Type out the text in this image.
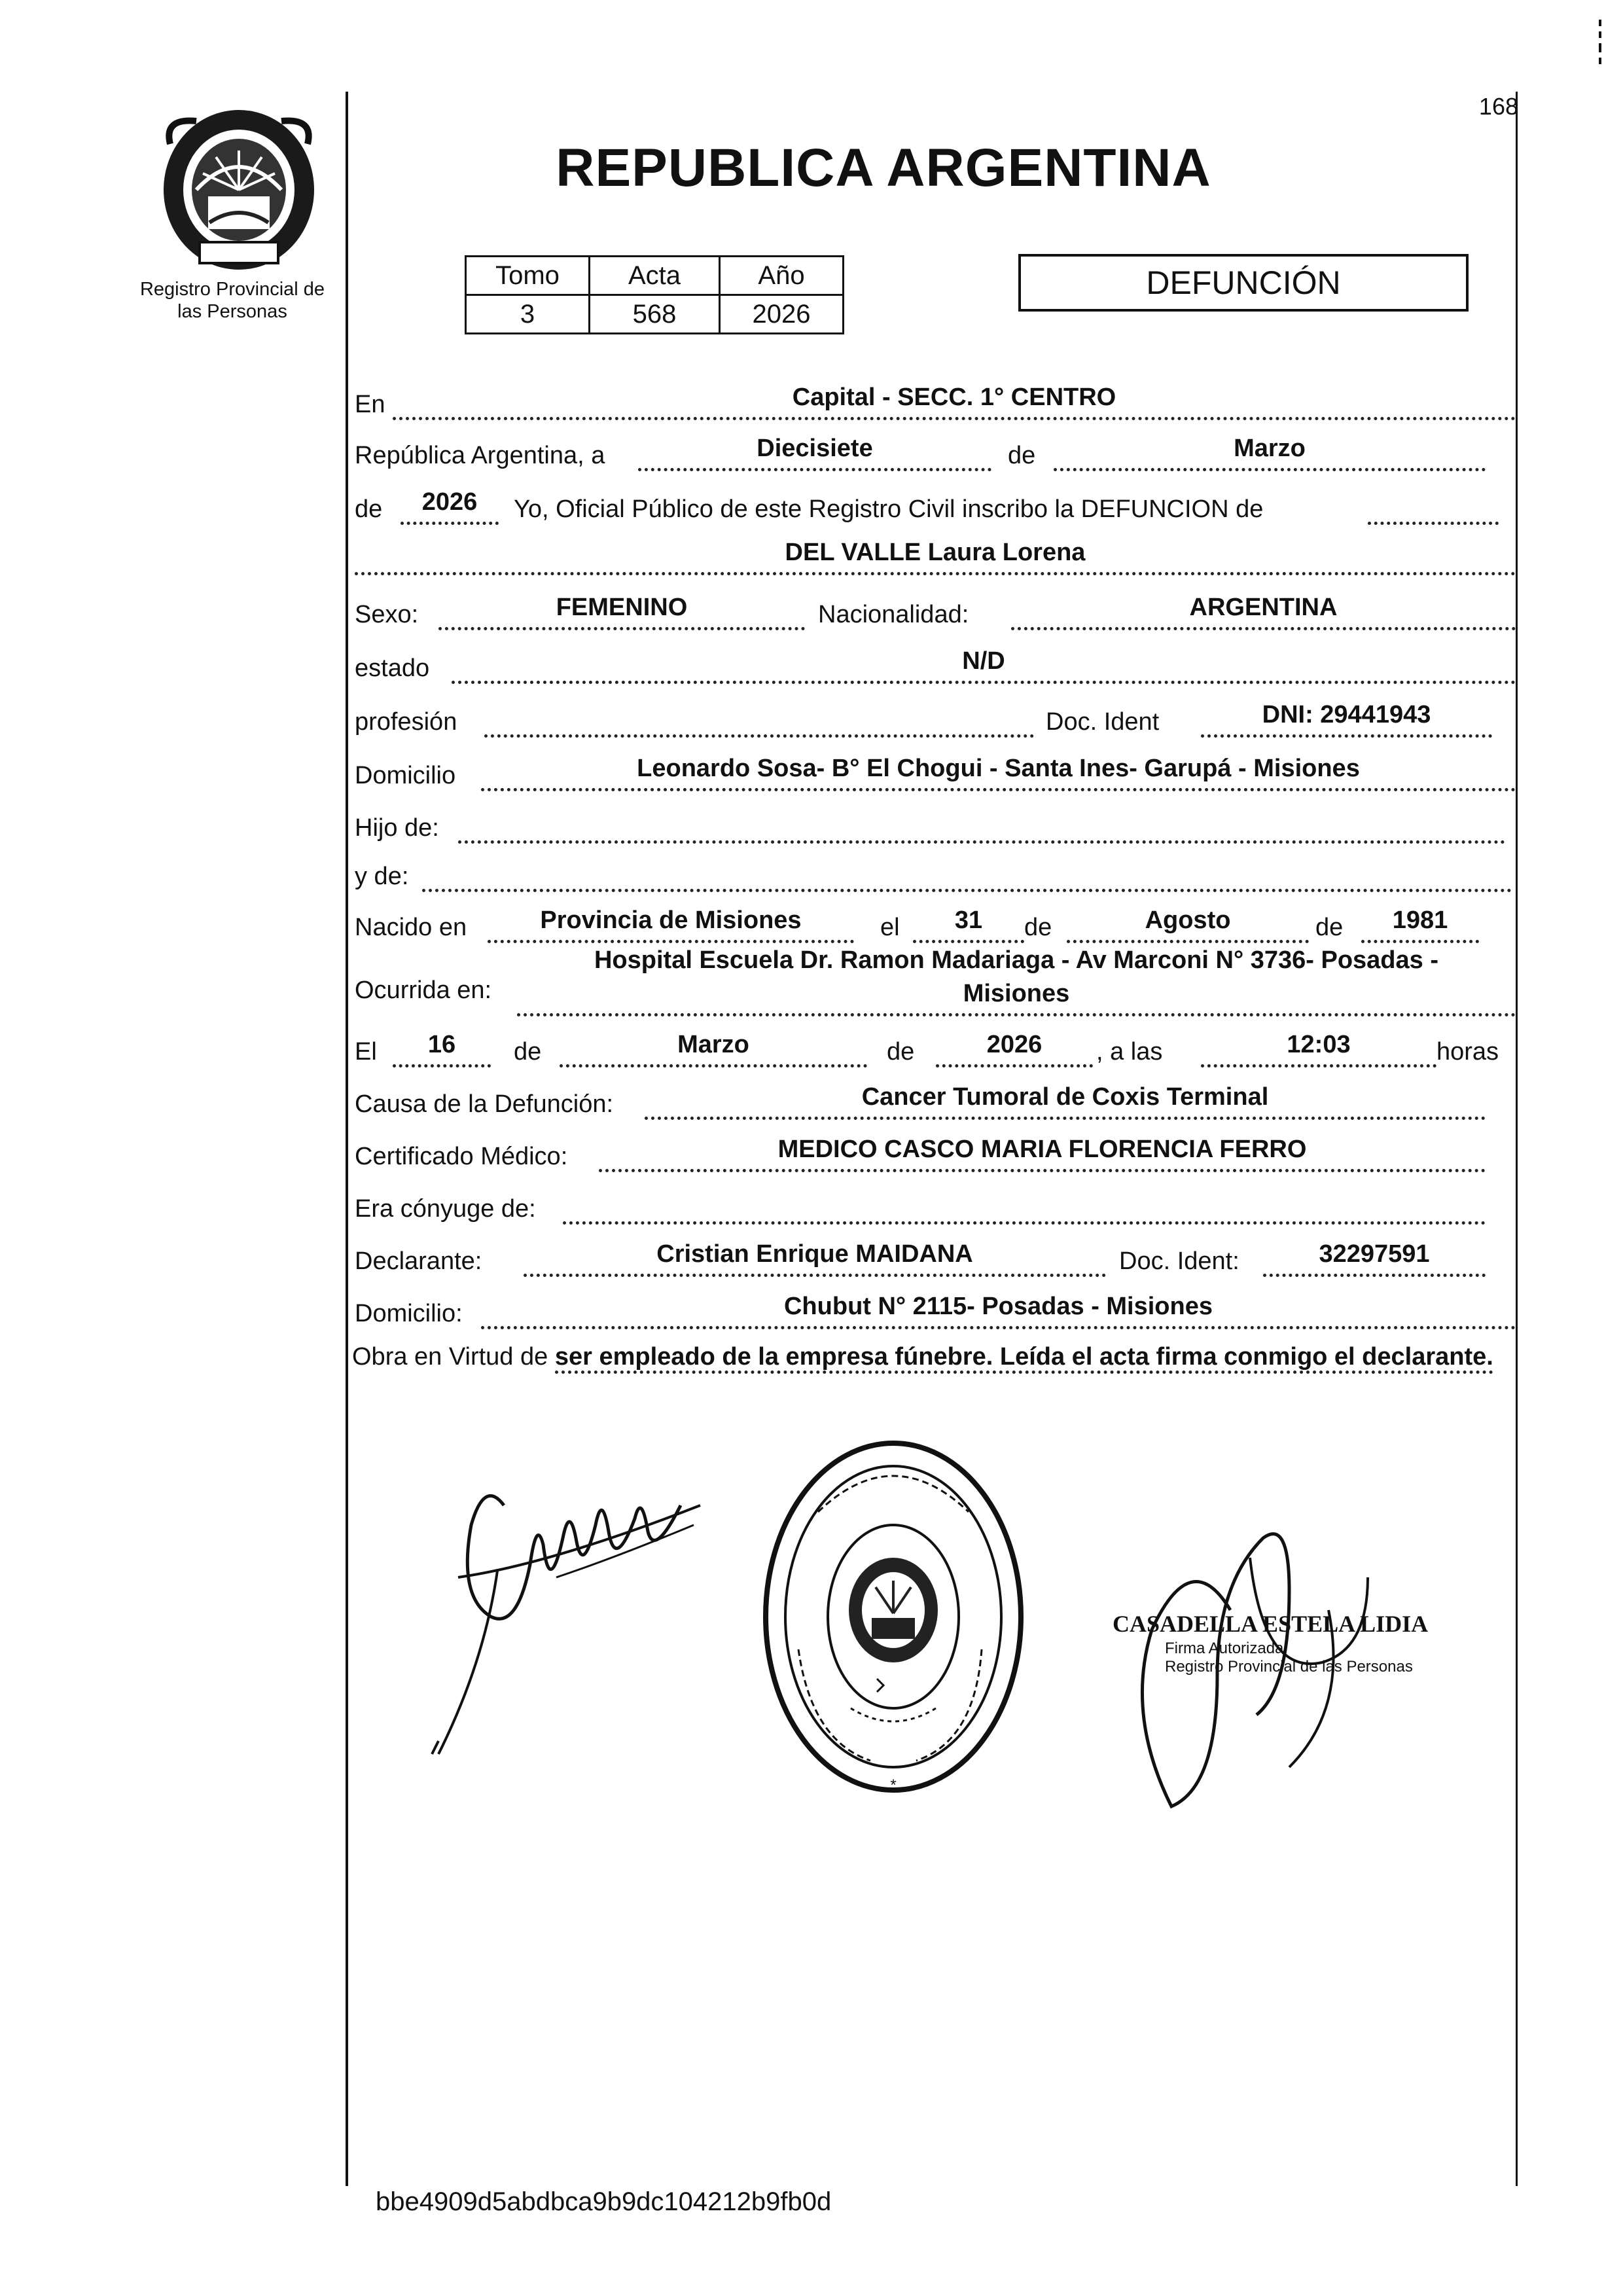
Registro Provincial de
las Personas
168
REPUBLICA ARGENTINA
Tomo	Acta	Año
3	568	2026
DEFUNCIÓN
En	Capital - SECC. 1° CENTRO
República Argentina, a	Diecisiete	de	Marzo
de	2026	Yo, Oficial Público de este Registro Civil inscribo la DEFUNCION de
DEL VALLE Laura Lorena
Sexo:	FEMENINO	Nacionalidad:	ARGENTINA
estado	N/D
profesión	Doc. Ident	DNI: 29441943
Domicilio	Leonardo Sosa- B° El Chogui - Santa Ines- Garupá - Misiones
Hijo de:
y de:
Nacido en	Provincia de Misiones	el	31	de	Agosto	de	1981
Ocurrida en:
Hospital Escuela Dr. Ramon Madariaga - Av Marconi N° 3736- Posadas -
Misiones
El	16	de	Marzo	de	2026	, a las	12:03	horas
Causa de la Defunción:	Cancer Tumoral de Coxis Terminal
Certificado Médico:	MEDICO CASCO MARIA FLORENCIA FERRO
Era cónyuge de:
Declarante:	Cristian Enrique MAIDANA	Doc. Ident:	32297591
Domicilio:	Chubut N° 2115- Posadas - Misiones
Obra en Virtud de ser empleado de la empresa fúnebre. Leída el acta firma conmigo el declarante.
*
CASADELLA ESTELA LIDIA
Firma Autorizada
Registro Provincial de las Personas
bbe4909d5abdbca9b9dc104212b9fb0d
